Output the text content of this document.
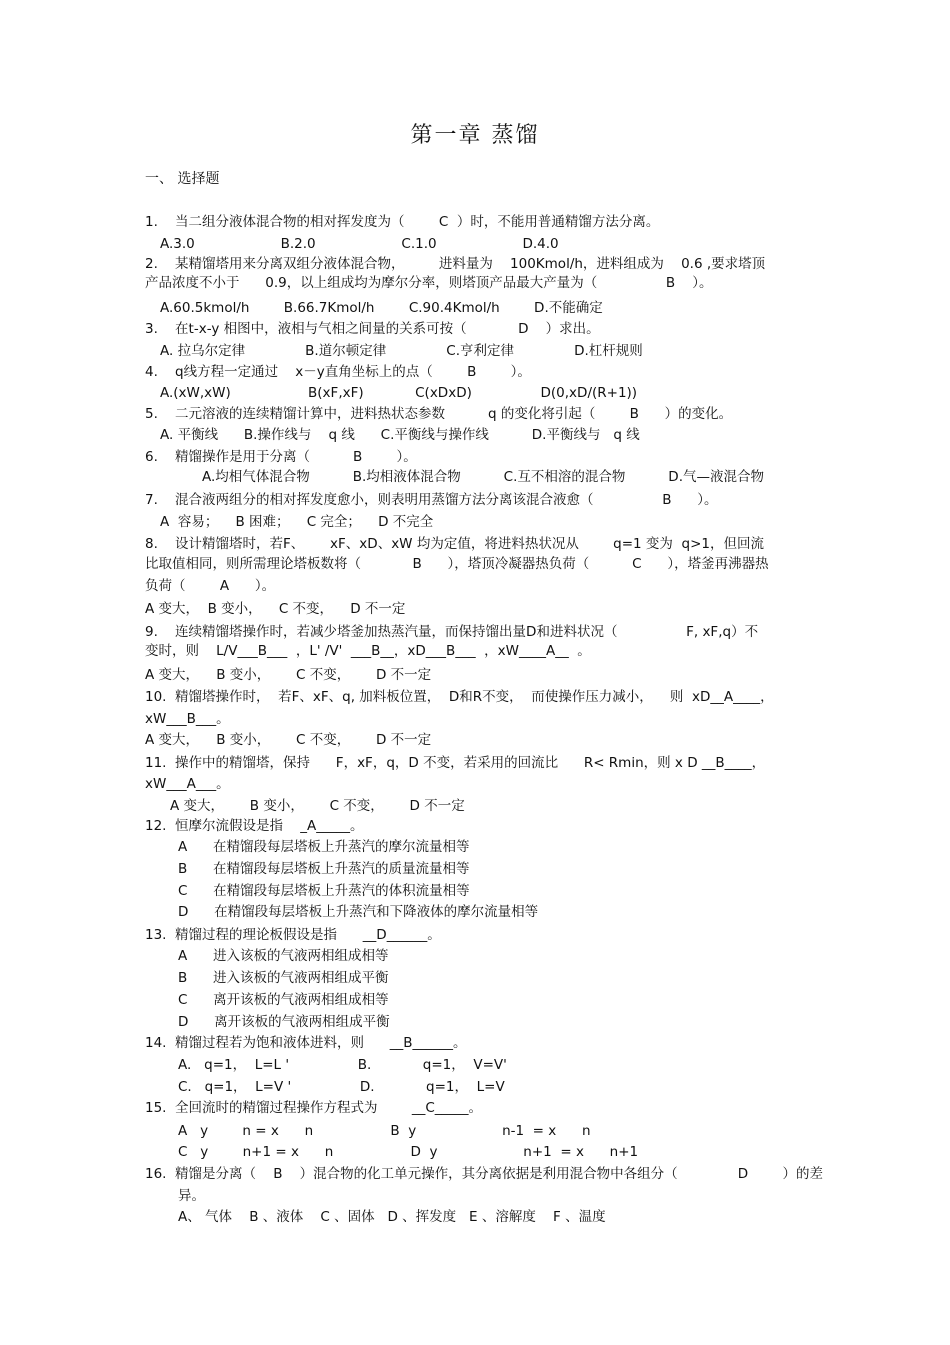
第一章 蒸馏
一、 选择题
1.    当二组分液体混合物的相对挥发度为（        C  ）时，不能用普通精馏方法分离。
A.3.0                    B.2.0                    C.1.0                    D.4.0
2.    某精馏塔用来分离双组分液体混合物，        进料量为    100Kmol/h，进料组成为    0.6 ,要求塔顶
产品浓度不小于      0.9，以上组成均为摩尔分率，则塔顶产品最大产量为（                B    ）。
A.60.5kmol/h        B.66.7Kmol/h        C.90.4Kmol/h        D.不能确定
3.    在t-x-y 相图中，液相与气相之间量的关系可按（            D    ）求出。
A. 拉乌尔定律              B.道尔顿定律              C.亨利定律              D.杠杆规则
4.    q线方程一定通过    x－y直角坐标上的点（        B        ）。
A.(xW,xW)                  B(xF,xF)            C(xDxD)                D(0,xD/(R+1))
5.    二元溶液的连续精馏计算中，进料热状态参数          q 的变化将引起（        B      ）的变化。
A. 平衡线      B.操作线与    q 线      C.平衡线与操作线          D.平衡线与   q 线
6.    精馏操作是用于分离（          B        ）。
A.均相气体混合物          B.均相液体混合物          C.互不相溶的混合物          D.气—液混合物
7.    混合液两组分的相对挥发度愈小，则表明用蒸馏方法分离该混合液愈（                B      ）。
A  容易；    B 困难；    C 完全；    D 不完全
8.    设计精馏塔时，若F、      xF、xD、xW 均为定值，将进料热状况从        q=1 变为  q>1，但回流
比取值相同，则所需理论塔板数将（            B      ），塔顶冷凝器热负荷（          C      ），塔釜再沸器热
负荷（        A      ）。
A 变大，  B 变小，    C 不变，    D 不一定
9.    连续精馏塔操作时，若减少塔釜加热蒸汽量，而保持馏出量D和进料状况（                F, xF,q）不
变时，则    L/V___B___  ，L' /V'  ___B__，xD___B___  ，xW____A__  。
A 变大，    B 变小，      C 不变，      D 不一定
10.  精馏塔操作时，  若F、xF、q, 加料板位置，  D和R不变，  而使操作压力减小，    则  xD__A____，
xW___B___。
A 变大，    B 变小，      C 不变，      D 不一定
11.  操作中的精馏塔，保持      F，xF，q，D 不变，若采用的回流比      R< Rmin，则 x D __B____，
xW___A___。
A 变大，      B 变小，      C 不变，      D 不一定
12.  恒摩尔流假设是指    _A_____。
A      在精馏段每层塔板上升蒸汽的摩尔流量相等
B      在精馏段每层塔板上升蒸汽的质量流量相等
C      在精馏段每层塔板上升蒸汽的体积流量相等
D      在精馏段每层塔板上升蒸汽和下降液体的摩尔流量相等
13.  精馏过程的理论板假设是指      __D______。
A      进入该板的气液两相组成相等
B      进入该板的气液两相组成平衡
C      离开该板的气液两相组成相等
D      离开该板的气液两相组成平衡
14.  精馏过程若为饱和液体进料，则      __B______。
A.   q=1，  L=L '                B.            q=1，  V=V'
C.   q=1，  L=V '                D.            q=1，  L=V
15.  全回流时的精馏过程操作方程式为        __C_____。
A   y        n = x      n                  B  y                    n-1  = x      n
C   y        n+1 = x      n                  D  y                    n+1  = x      n+1
16.  精馏是分离（    B    ）混合物的化工单元操作，其分离依据是利用混合物中各组分（              D        ）的差
异。
A、 气体    B 、液体    C 、固体   D 、挥发度   E 、溶解度    F 、温度
